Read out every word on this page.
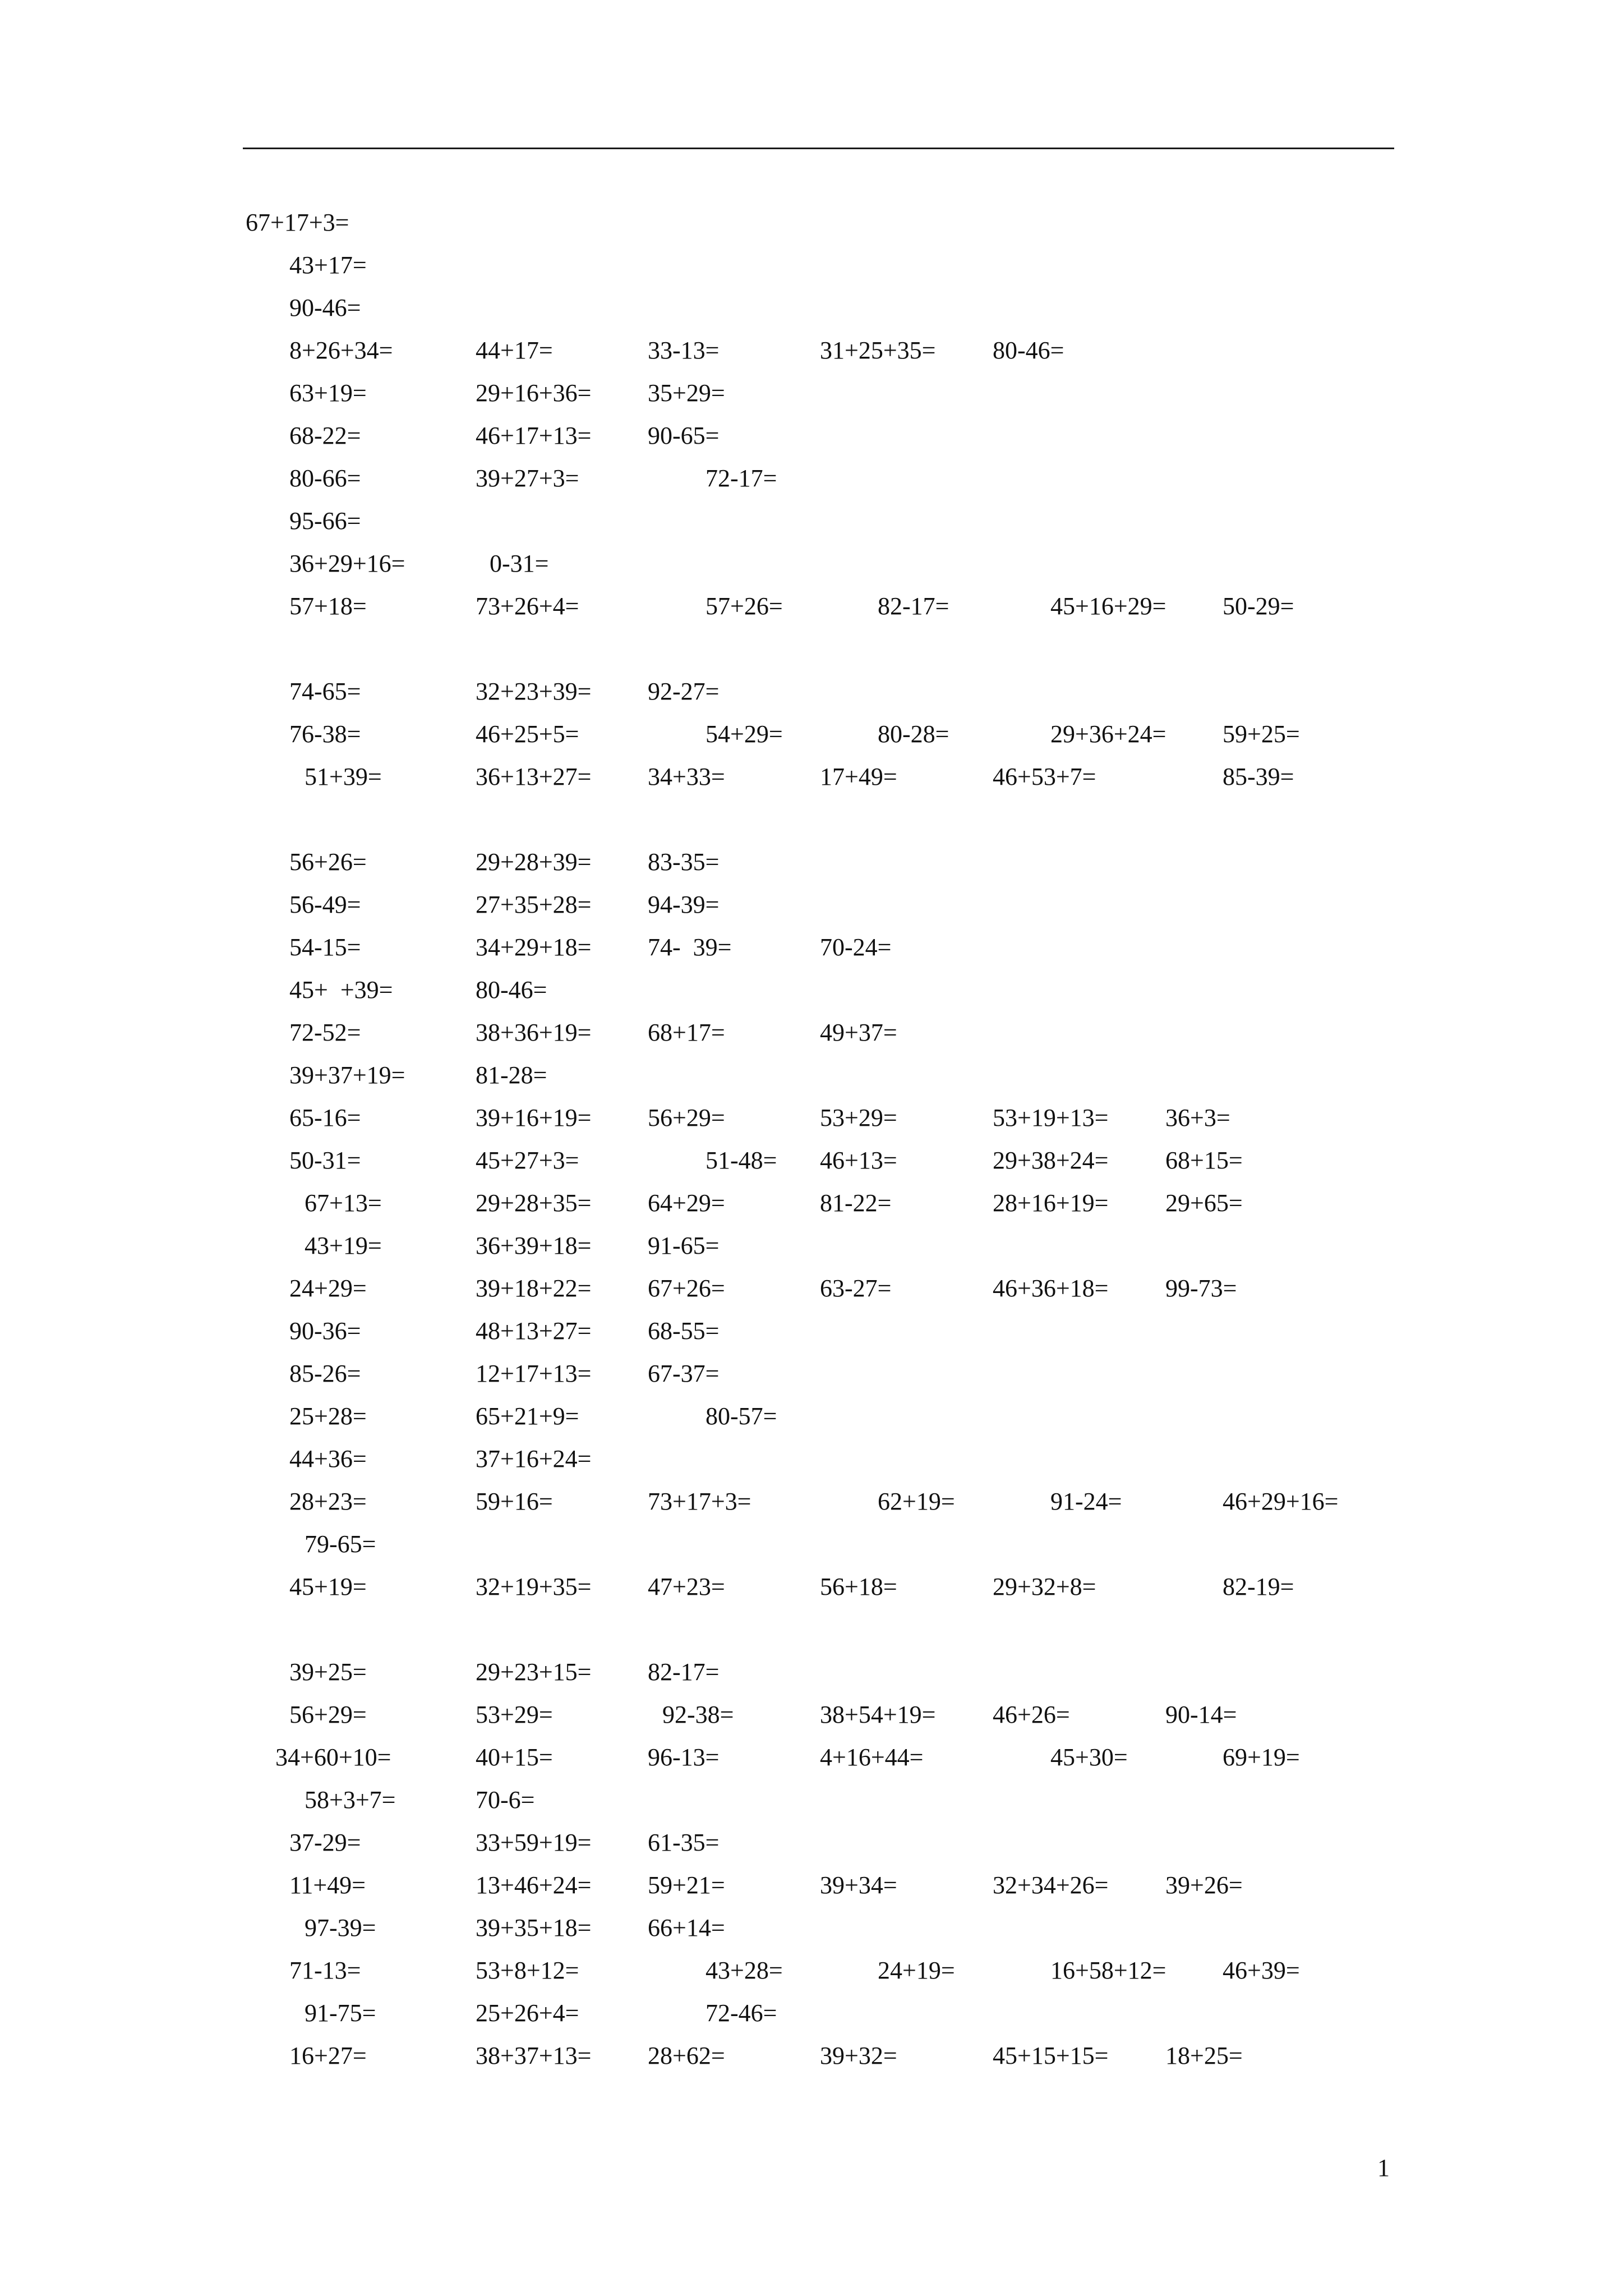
67+17+3=
43+17=
90-46=
8+26+34=	44+17=	33-13=	31+25+35= 80-46=
63+19=	29+16+36= 35+29=
68-22=	46+17+13= 90-65=
80-66=	39+27+3=	72-17=
95-66=
36+29+16=	0-31=
57+18=	73+26+4=	57+26=	82-17=	45+16+29= 50-29=
74-65=	32+23+39= 92-27=
76-38=	46+25+5=	54+29=	80-28=	29+36+24= 59+25=
51+39=	36+13+27= 34+33=	17+49=	46+53+7=	85-39=
56+26=	29+28+39= 83-35=
56-49=	27+35+28= 94-39=
54-15=	34+29+18= 74-  39=	70-24=
45+  +39=	80-46=
72-52=	38+36+19= 68+17=	49+37=
39+37+19=	81-28=
65-16=	39+16+19= 56+29=	53+29=	53+19+13= 36+3=
50-31=	45+27+3=	51-48= 46+13=	29+38+24= 68+15=
67+13=	29+28+35= 64+29=	81-22=	28+16+19= 29+65=
43+19=	36+39+18= 91-65=
24+29=	39+18+22= 67+26=	63-27=	46+36+18= 99-73=
90-36=	48+13+27= 68-55=
85-26=	12+17+13= 67-37=
25+28=	65+21+9=	80-57=
44+36=	37+16+24=
28+23=	59+16=	73+17+3=	62+19=	91-24=	46+29+16=
79-65=
45+19=	32+19+35= 47+23=	56+18=	29+32+8=	82-19=
39+25=	29+23+15= 82-17=
56+29=	53+29=	92-38=	38+54+19= 46+26=	90-14=
34+60+10=	40+15=	96-13=	4+16+44=	45+30=	69+19=
58+3+7=	70-6=
37-29=	33+59+19= 61-35=
11+49=	13+46+24= 59+21=	39+34=	32+34+26= 39+26=
97-39=	39+35+18= 66+14=
71-13=	53+8+12=	43+28=	24+19=	16+58+12= 46+39=
91-75=	25+26+4=	72-46=
16+27=	38+37+13= 28+62=	39+32=	45+15+15= 18+25=
1
